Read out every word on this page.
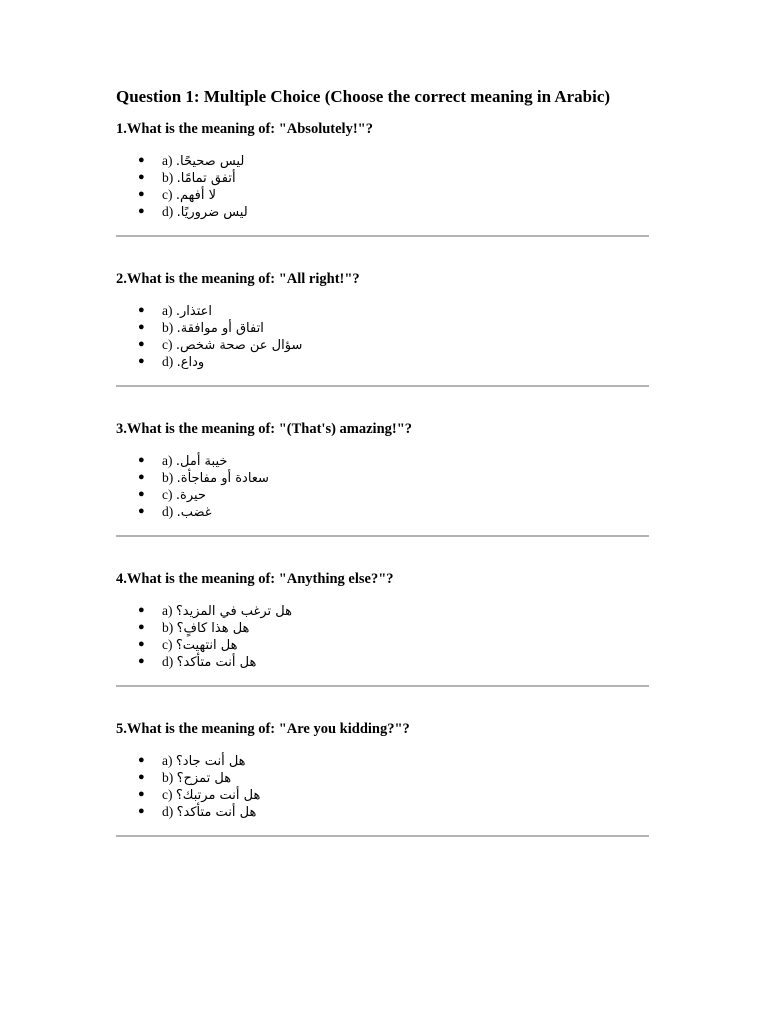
Question 1: Multiple Choice (Choose the correct meaning in Arabic)

1.What is the meaning of: "Absolutely!"?

● a) ليس صحيحًا.
● b) أتفق تمامًا.
● c) لا أفهم.
● d) ليس ضروريًا.

2.What is the meaning of: "All right!"?

● a) اعتذار.
● b) اتفاق أو موافقة.
● c) سؤال عن صحة شخص.
● d) وداع.

3.What is the meaning of: "(That's) amazing!"?

● a) خيبة أمل.
● b) سعادة أو مفاجأة.
● c) حيرة.
● d) غضب.

4.What is the meaning of: "Anything else?"?

● a) هل ترغب في المزيد؟
● b) هل هذا كافٍ؟
● c) هل انتهيت؟
● d) هل أنت متأكد؟

5.What is the meaning of: "Are you kidding?"?

● a) هل أنت جاد؟
● b) هل تمزح؟
● c) هل أنت مرتبك؟
● d) هل أنت متأكد؟
